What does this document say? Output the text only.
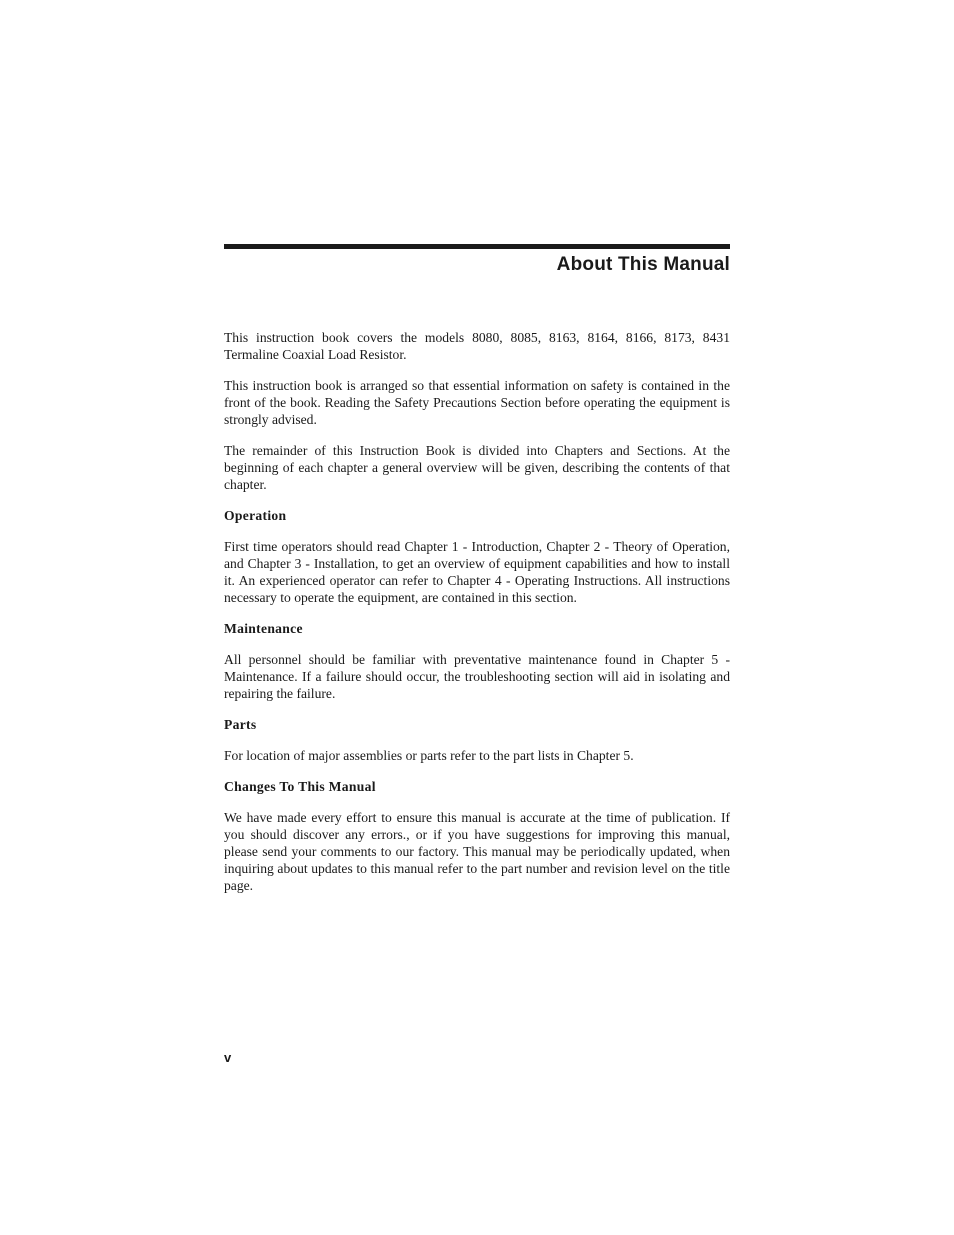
About This Manual

This instruction book covers the models 8080, 8085, 8163, 8164, 8166, 8173, 8431 Termaline Coaxial Load Resistor.

This instruction book is arranged so that essential information on safety is contained in the front of the book. Reading the Safety Precautions Section before operating the equipment is strongly advised.

The remainder of this Instruction Book is divided into Chapters and Sections. At the beginning of each chapter a general overview will be given, describing the contents of that chapter.

Operation

First time operators should read Chapter 1 - Introduction, Chapter 2 - Theory of Operation, and Chapter 3 - Installation, to get an overview of equipment capabilities and how to install it. An experienced operator can refer to Chapter 4 - Operating Instructions. All instructions necessary to operate the equipment, are contained in this section.

Maintenance

All personnel should be familiar with preventative maintenance found in Chapter 5 - Maintenance. If a failure should occur, the troubleshooting section will aid in isolating and repairing the failure.

Parts

For location of major assemblies or parts refer to the part lists in Chapter 5.

Changes To This Manual

We have made every effort to ensure this manual is accurate at the time of publication. If you should discover any errors., or if you have suggestions for improving this manual, please send your comments to our factory. This manual may be periodically updated, when inquiring about updates to this manual refer to the part number and revision level on the title page.

v
